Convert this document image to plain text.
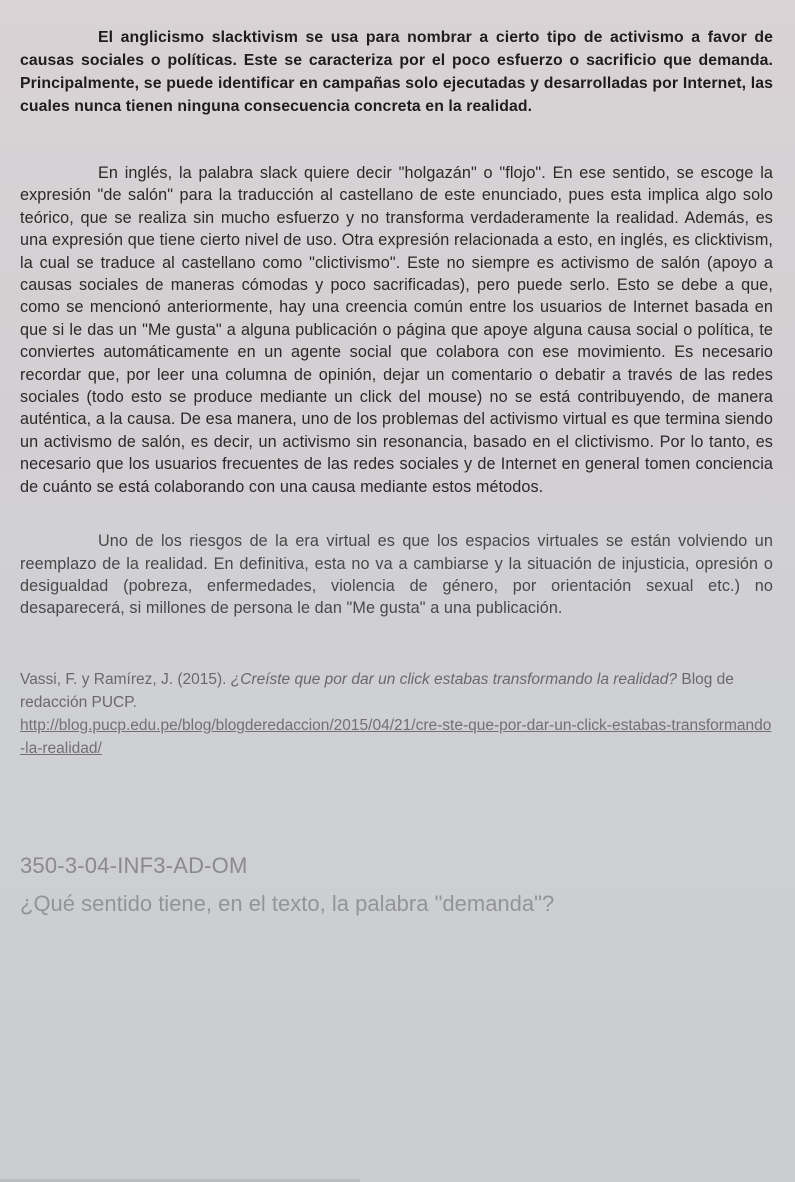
El anglicismo slacktivism se usa para nombrar a cierto tipo de activismo a favor de causas sociales o políticas. Este se caracteriza por el poco esfuerzo o sacrificio que demanda. Principalmente, se puede identificar en campañas solo ejecutadas y desarrolladas por Internet, las cuales nunca tienen ninguna consecuencia concreta en la realidad.

En inglés, la palabra slack quiere decir "holgazán" o "flojo". En ese sentido, se escoge la expresión "de salón" para la traducción al castellano de este enunciado, pues esta implica algo solo teórico, que se realiza sin mucho esfuerzo y no transforma verdaderamente la realidad. Además, es una expresión que tiene cierto nivel de uso. Otra expresión relacionada a esto, en inglés, es clicktivism, la cual se traduce al castellano como "clictivismo". Este no siempre es activismo de salón (apoyo a causas sociales de maneras cómodas y poco sacrificadas), pero puede serlo. Esto se debe a que, como se mencionó anteriormente, hay una creencia común entre los usuarios de Internet basada en que si le das un "Me gusta" a alguna publicación o página que apoye alguna causa social o política, te conviertes automáticamente en un agente social que colabora con ese movimiento. Es necesario recordar que, por leer una columna de opinión, dejar un comentario o debatir a través de las redes sociales (todo esto se produce mediante un click del mouse) no se está contribuyendo, de manera auténtica, a la causa. De esa manera, uno de los problemas del activismo virtual es que termina siendo un activismo de salón, es decir, un activismo sin resonancia, basado en el clictivismo. Por lo tanto, es necesario que los usuarios frecuentes de las redes sociales y de Internet en general tomen conciencia de cuánto se está colaborando con una causa mediante estos métodos.

Uno de los riesgos de la era virtual es que los espacios virtuales se están volviendo un reemplazo de la realidad. En definitiva, esta no va a cambiarse y la situación de injusticia, opresión o desigualdad (pobreza, enfermedades, violencia de género, por orientación sexual etc.) no desaparecerá, si millones de persona le dan "Me gusta" a una publicación.

Vassi, F. y Ramírez, J. (2015). ¿Creíste que por dar un click estabas transformando la realidad? Blog de redacción PUCP.
http://blog.pucp.edu.pe/blog/blogderedaccion/2015/04/21/cre-ste-que-por-dar-un-click-estabas-transformando-la-realidad/
350-3-04-INF3-AD-OM
¿Qué sentido tiene, en el texto, la palabra "demanda"?
